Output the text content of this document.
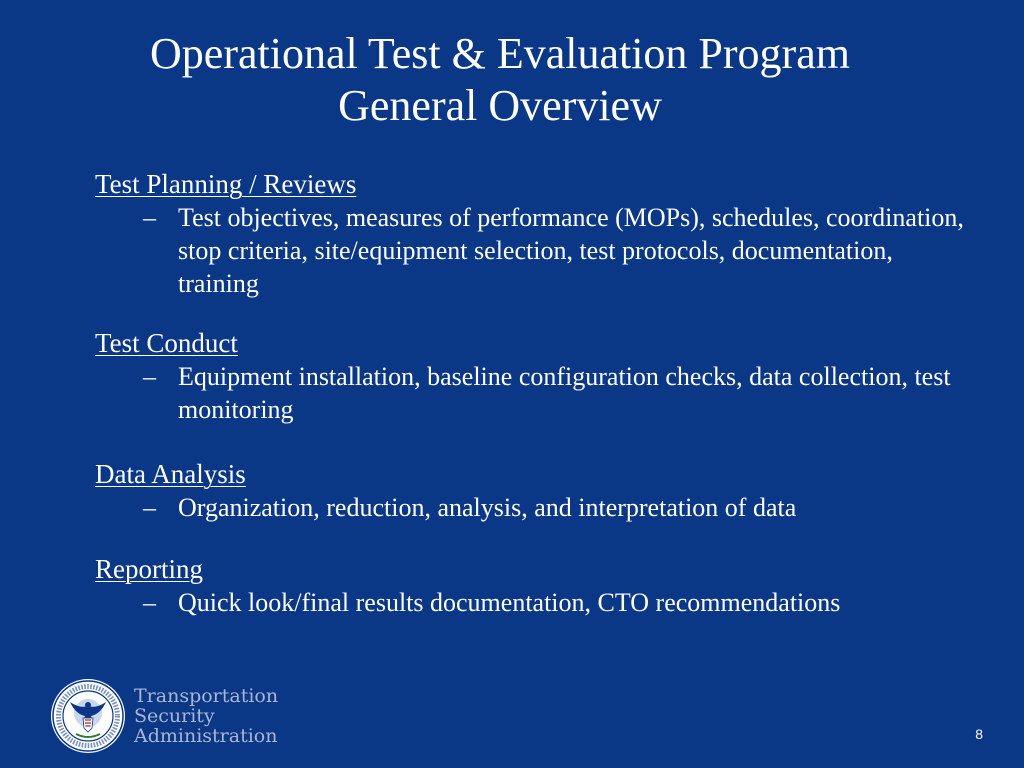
Operational Test & Evaluation Program
General Overview
Test Planning / Reviews
– Test objectives, measures of performance (MOPs), schedules, coordination, stop criteria, site/equipment selection, test protocols, documentation, training
Test Conduct
– Equipment installation, baseline configuration checks, data collection, test monitoring
Data Analysis
– Organization, reduction, analysis, and interpretation of data
Reporting
– Quick look/final results documentation, CTO recommendations
Transportation
Security
Administration	8
